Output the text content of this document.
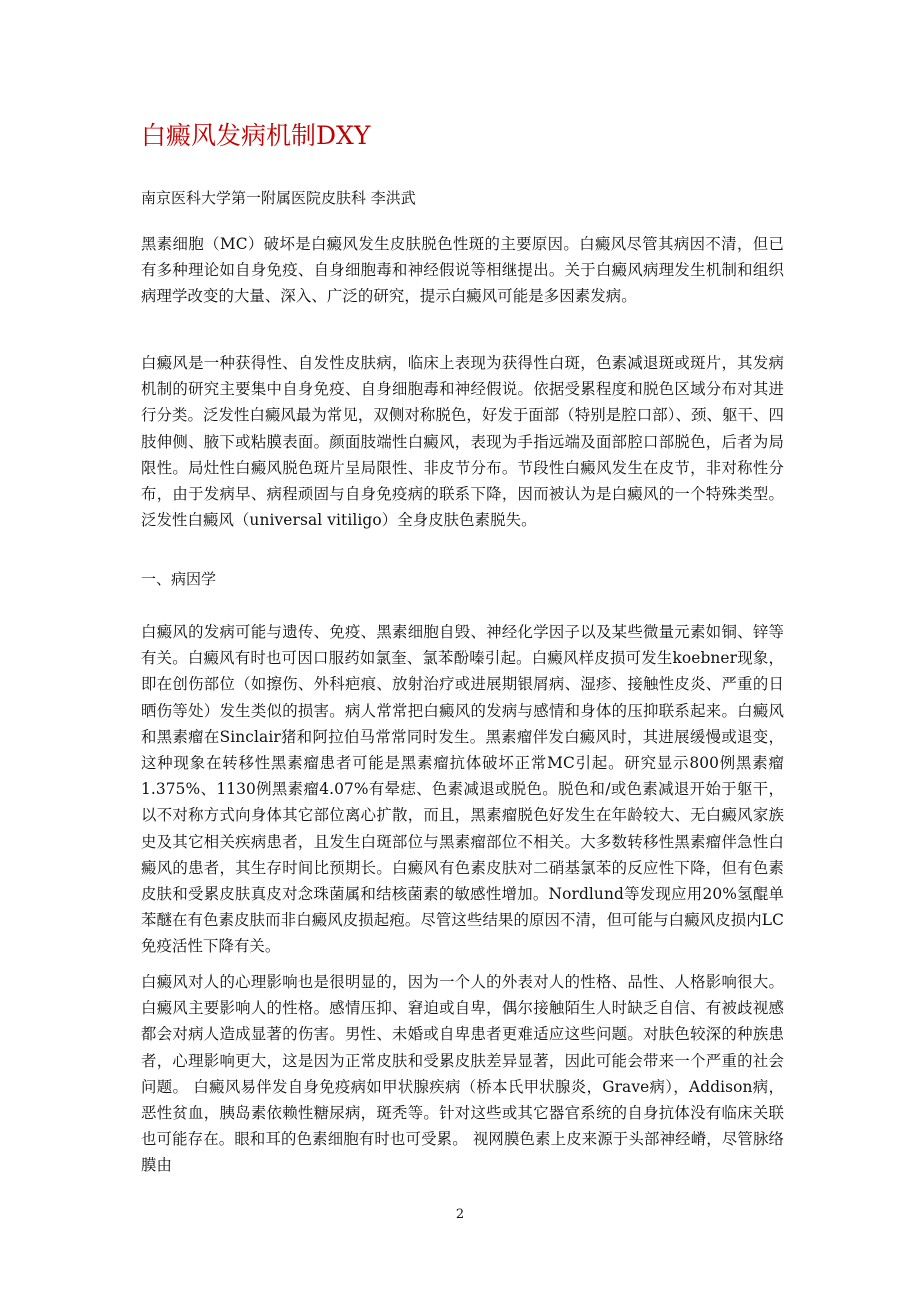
白癜风发病机制DXY

南京医科大学第一附属医院皮肤科 李洪武

黑素细胞（MC）破坏是白癜风发生皮肤脱色性斑的主要原因。白癜风尽管其病因不清，但已有多种理论如自身免疫、自身细胞毒和神经假说等相继提出。关于白癜风病理发生机制和组织病理学改变的大量、深入、广泛的研究，提示白癜风可能是多因素发病。

白癜风是一种获得性、自发性皮肤病，临床上表现为获得性白斑，色素减退斑或斑片，其发病机制的研究主要集中自身免疫、自身细胞毒和神经假说。依据受累程度和脱色区域分布对其进行分类。泛发性白癜风最为常见，双侧对称脱色，好发于面部（特别是腔口部）、颈、躯干、四肢伸侧、腋下或粘膜表面。颜面肢端性白癜风，表现为手指远端及面部腔口部脱色，后者为局限性。局灶性白癜风脱色斑片呈局限性、非皮节分布。节段性白癜风发生在皮节，非对称性分布，由于发病早、病程顽固与自身免疫病的联系下降，因而被认为是白癜风的一个特殊类型。泛发性白癜风（universal vitiligo）全身皮肤色素脱失。

一、病因学

白癜风的发病可能与遗传、免疫、黑素细胞自毁、神经化学因子以及某些微量元素如铜、锌等有关。白癜风有时也可因口服药如氯奎、氯苯酚嗪引起。白癜风样皮损可发生koebner现象，即在创伤部位（如擦伤、外科疤痕、放射治疗或进展期银屑病、湿疹、接触性皮炎、严重的日晒伤等处）发生类似的损害。病人常常把白癜风的发病与感情和身体的压抑联系起来。白癜风和黑素瘤在Sinclair猪和阿拉伯马常常同时发生。黑素瘤伴发白癜风时，其进展缓慢或退变，这种现象在转移性黑素瘤患者可能是黑素瘤抗体破坏正常MC引起。研究显示800例黑素瘤1.375%、1130例黑素瘤4.07%有晕痣、色素减退或脱色。脱色和/或色素减退开始于躯干，以不对称方式向身体其它部位离心扩散，而且，黑素瘤脱色好发生在年龄较大、无白癜风家族史及其它相关疾病患者，且发生白斑部位与黑素瘤部位不相关。大多数转移性黑素瘤伴急性白癜风的患者，其生存时间比预期长。白癜风有色素皮肤对二硝基氯苯的反应性下降，但有色素皮肤和受累皮肤真皮对念珠菌属和结核菌素的敏感性增加。Nordlund等发现应用20%氢醌单苯醚在有色素皮肤而非白癜风皮损起疱。尽管这些结果的原因不清，但可能与白癜风皮损内LC免疫活性下降有关。

白癜风对人的心理影响也是很明显的，因为一个人的外表对人的性格、品性、人格影响很大。白癜风主要影响人的性格。感情压抑、窘迫或自卑，偶尔接触陌生人时缺乏自信、有被歧视感都会对病人造成显著的伤害。男性、未婚或自卑患者更难适应这些问题。对肤色较深的种族患者，心理影响更大，这是因为正常皮肤和受累皮肤差异显著，因此可能会带来一个严重的社会问题。 白癜风易伴发自身免疫病如甲状腺疾病（桥本氏甲状腺炎，Grave病），Addison病，恶性贫血，胰岛素依赖性糖尿病，斑秃等。针对这些或其它器官系统的自身抗体没有临床关联也可能存在。眼和耳的色素细胞有时也可受累。 视网膜色素上皮来源于头部神经嵴，尽管脉络膜由

2
